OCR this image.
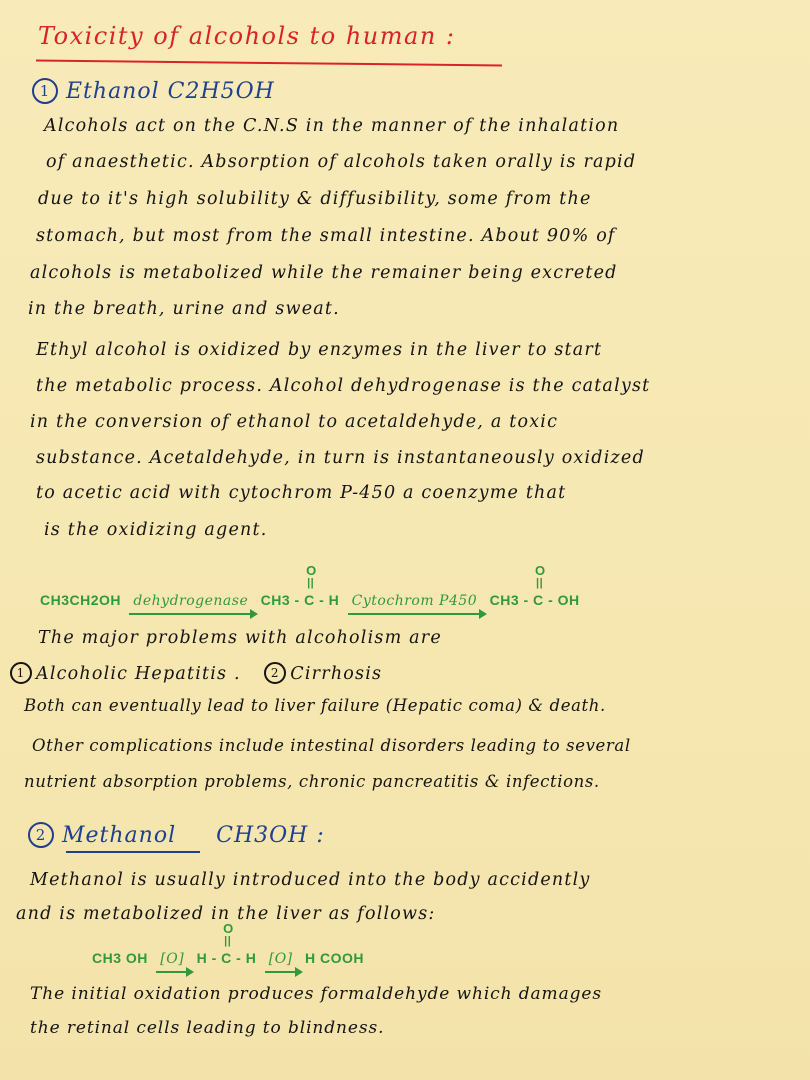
Toxicity of alcohols to human :
1 Ethanol C2H5OH
Alcohols act on the C.N.S in the manner of the inhalation
of anaesthetic. Absorption of alcohols taken orally is rapid
due to it's high solubility & diffusibility, some from the
stomach, but most from the small intestine. About 90% of
alcohols is metabolized while the remainer being excreted
in the breath, urine and sweat.
Ethyl alcohol is oxidized by enzymes in the liver to start
the metabolic process. Alcohol dehydrogenase is the catalyst
in the conversion of ethanol to acetaldehyde, a toxic
substance. Acetaldehyde, in turn is instantaneously oxidized
to acetic acid with cytochrom P-450 a coenzyme that
is the oxidizing agent.
CH3CH2OH dehydrogenase CH3 -
O
||
C - H Cytochrom P450 CH3 -
O
||
C - OH
The major problems with alcoholism are
1 Alcoholic Hepatitis .	2 Cirrhosis
Both can eventually lead to liver failure (Hepatic coma) & death.
Other complications include intestinal disorders leading to several
nutrient absorption problems, chronic pancreatitis & infections.
2 Methanol CH3OH :
Methanol is usually introduced into the body accidently
and is metabolized in the liver as follows:
CH3 OH [O] H -
O
||
C - H [O] H COOH
The initial oxidation produces formaldehyde which damages
the retinal cells leading to blindness.
